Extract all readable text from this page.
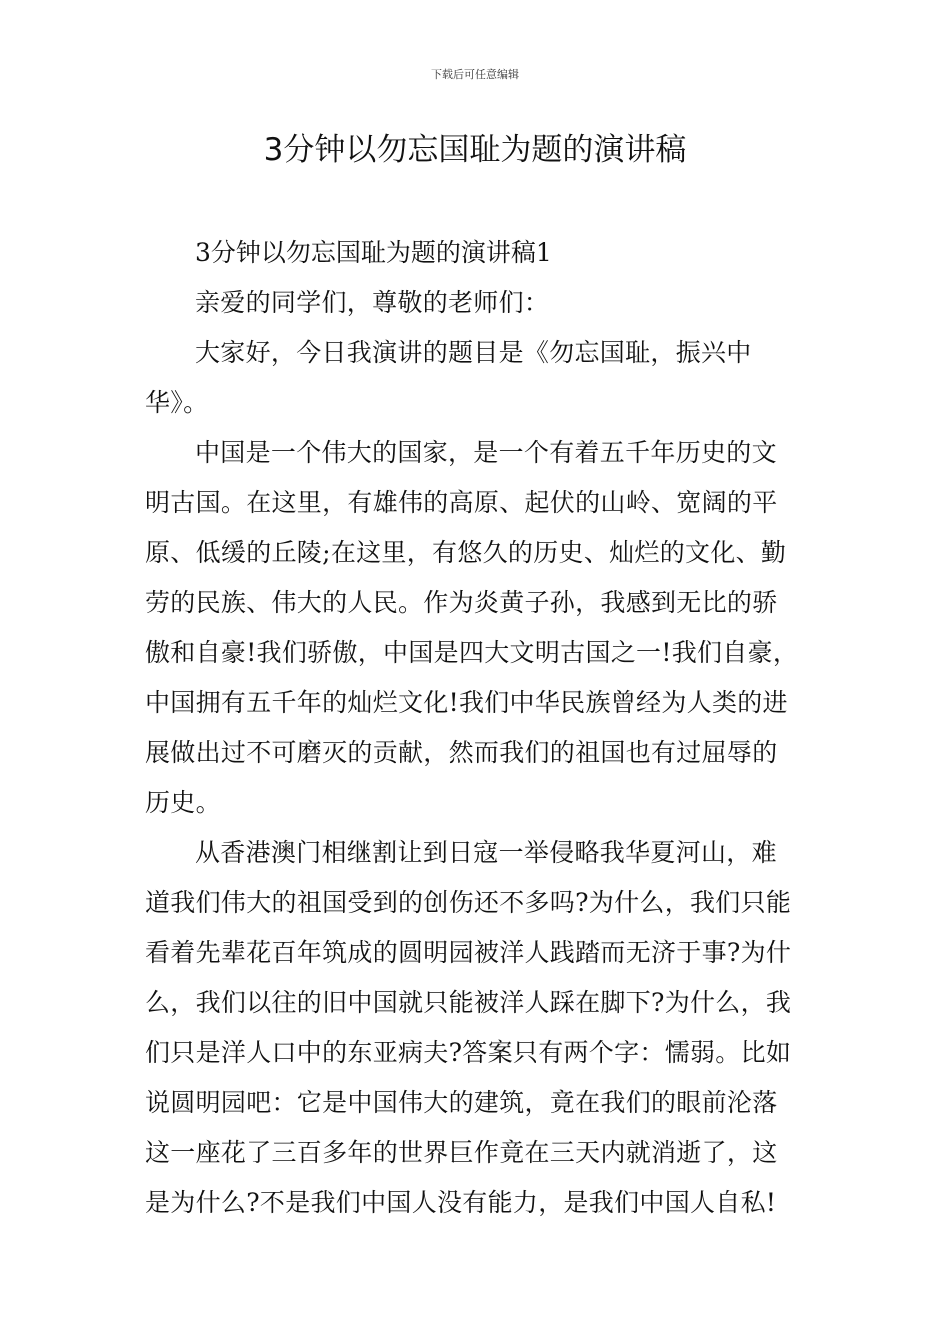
下载后可任意编辑
3分钟以勿忘国耻为题的演讲稿

3分钟以勿忘国耻为题的演讲稿1

亲爱的同学们，尊敬的老师们：

大家好，今日我演讲的题目是《勿忘国耻，振兴中
华》。

中国是一个伟大的国家，是一个有着五千年历史的文
明古国。在这里，有雄伟的高原、起伏的山岭、宽阔的平
原、低缓的丘陵;在这里，有悠久的历史、灿烂的文化、勤
劳的民族、伟大的人民。作为炎黄子孙，我感到无比的骄
傲和自豪!我们骄傲，中国是四大文明古国之一!我们自豪，
中国拥有五千年的灿烂文化!我们中华民族曾经为人类的进
展做出过不可磨灭的贡献，然而我们的祖国也有过屈辱的
历史。

从香港澳门相继割让到日寇一举侵略我华夏河山，难
道我们伟大的祖国受到的创伤还不多吗?为什么，我们只能
看着先辈花百年筑成的圆明园被洋人践踏而无济于事?为什
么，我们以往的旧中国就只能被洋人踩在脚下?为什么，我
们只是洋人口中的东亚病夫?答案只有两个字：懦弱。比如
说圆明园吧：它是中国伟大的建筑，竟在我们的眼前沦落
这一座花了三百多年的世界巨作竟在三天内就消逝了，这
是为什么?不是我们中国人没有能力，是我们中国人自私!
